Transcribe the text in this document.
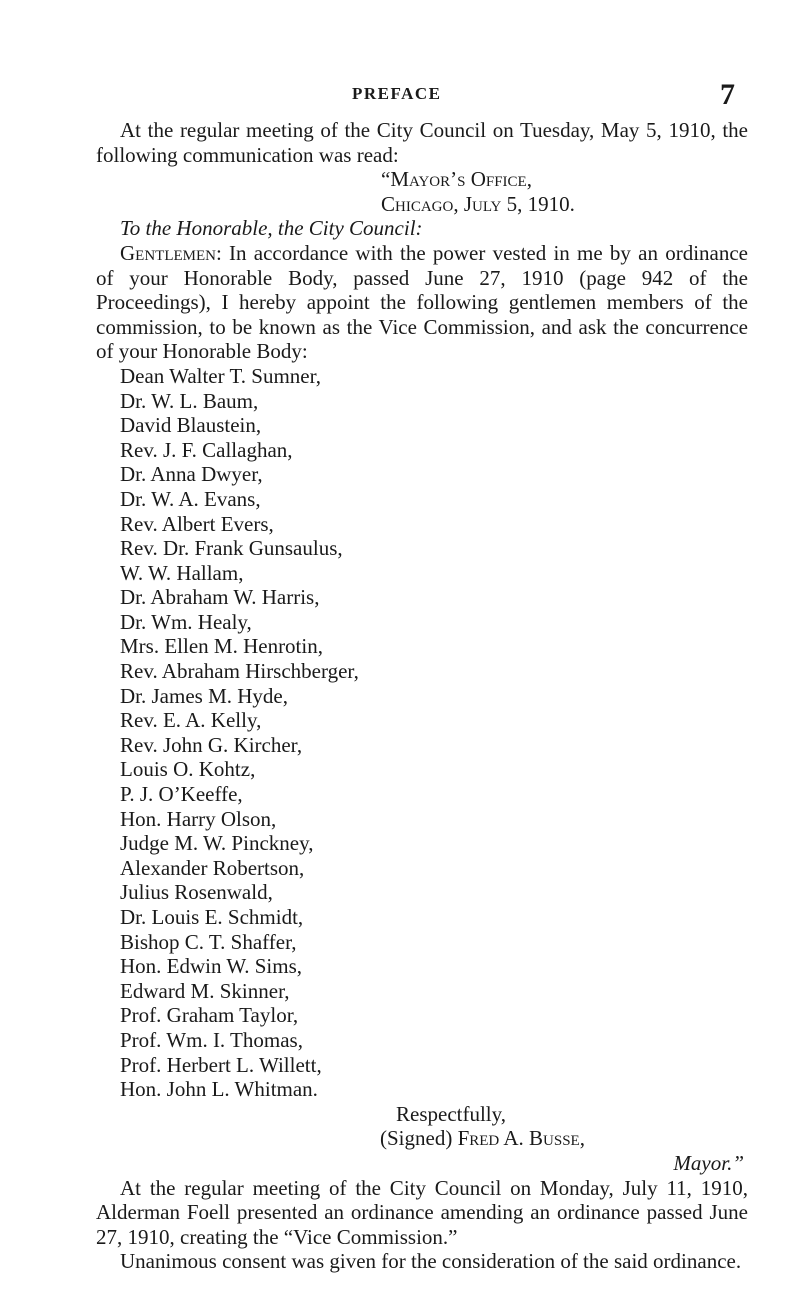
PREFACE	7

At the regular meeting of the City Council on Tuesday, May 5, 1910, the following communication was read:

“Mayor’s Office,
Chicago, July 5, 1910.

To the Honorable, the City Council:

Gentlemen: In accordance with the power vested in me by an ordinance of your Honorable Body, passed June 27, 1910 (page 942 of the Proceedings), I hereby appoint the following gentlemen members of the commission, to be known as the Vice Commission, and ask the concurrence of your Honorable Body:

Dean Walter T. Sumner,
Dr. W. L. Baum,
David Blaustein,
Rev. J. F. Callaghan,
Dr. Anna Dwyer,
Dr. W. A. Evans,
Rev. Albert Evers,
Rev. Dr. Frank Gunsaulus,
W. W. Hallam,
Dr. Abraham W. Harris,
Dr. Wm. Healy,
Mrs. Ellen M. Henrotin,
Rev. Abraham Hirschberger,
Dr. James M. Hyde,
Rev. E. A. Kelly,
Rev. John G. Kircher,
Louis O. Kohtz,
P. J. O’Keeffe,
Hon. Harry Olson,
Judge M. W. Pinckney,
Alexander Robertson,
Julius Rosenwald,
Dr. Louis E. Schmidt,
Bishop C. T. Shaffer,
Hon. Edwin W. Sims,
Edward M. Skinner,
Prof. Graham Taylor,
Prof. Wm. I. Thomas,
Prof. Herbert L. Willett,
Hon. John L. Whitman.

Respectfully,

(Signed) Fred A. Busse,

Mayor.”

At the regular meeting of the City Council on Monday, July 11, 1910, Alderman Foell presented an ordinance amending an ordinance passed June 27, 1910, creating the “Vice Commission.”

Unanimous consent was given for the consideration of the said ordinance.
